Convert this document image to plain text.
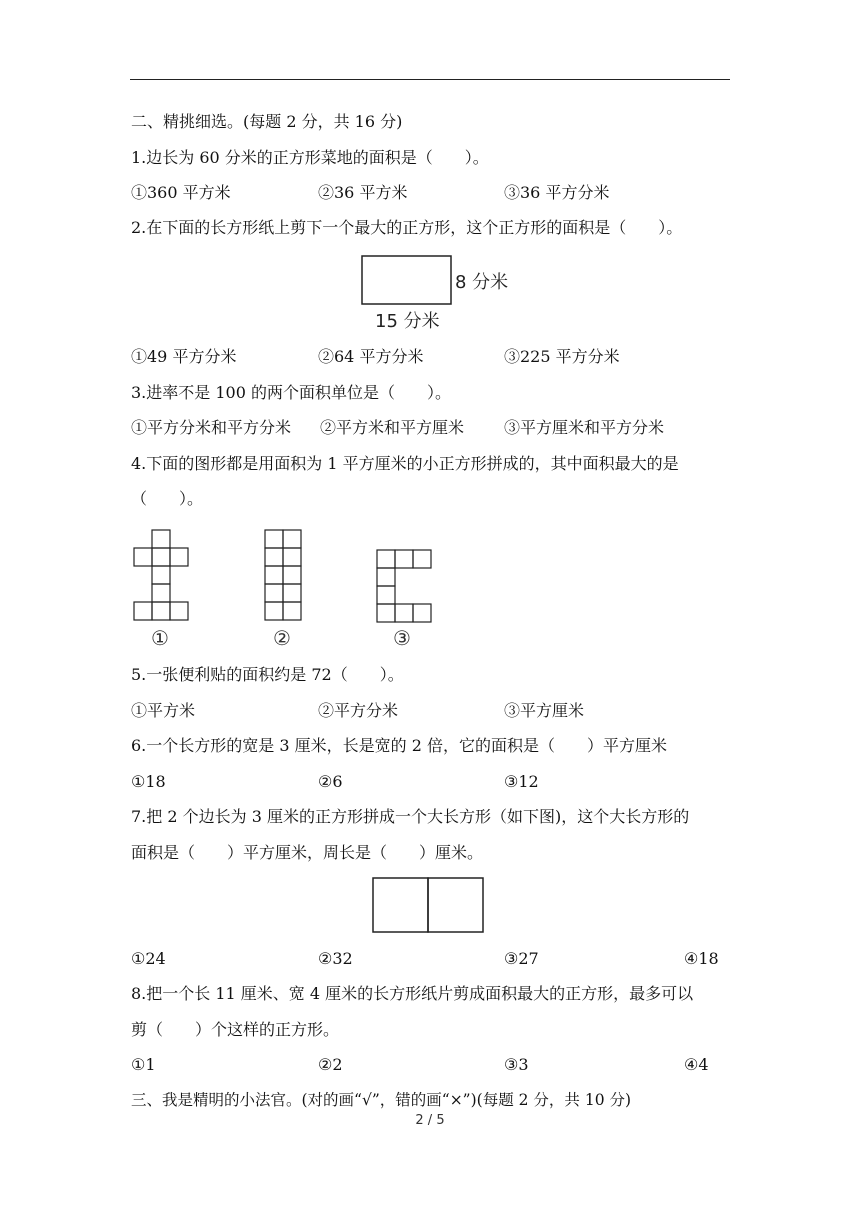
二、精挑细选。(每题 2 分，共 16 分)
1.边长为 60 分米的正方形菜地的面积是（　　）。
①360 平方米	②36 平方米	③36 平方分米
2.在下面的长方形纸上剪下一个最大的正方形，这个正方形的面积是（　　）。
8 分米
15 分米
①49 平方分米	②64 平方分米	③225 平方分米
3.进率不是 100 的两个面积单位是（　　）。
①平方分米和平方分米 ②平方米和平方厘米 ③平方厘米和平方分米
4.下面的图形都是用面积为 1 平方厘米的小正方形拼成的，其中面积最大的是
（　　）。
①	②	③
5.一张便利贴的面积约是 72（　　）。
①平方米	②平方分米	③平方厘米
6.一个长方形的宽是 3 厘米，长是宽的 2 倍，它的面积是（　　）平方厘米
①18	②6	③12
7.把 2 个边长为 3 厘米的正方形拼成一个大长方形（如下图)，这个大长方形的
面积是（　　）平方厘米，周长是（　　）厘米。
①24	②32	③27	④18
8.把一个长 11 厘米、宽 4 厘米的长方形纸片剪成面积最大的正方形，最多可以
剪（　　）个这样的正方形。
①1	②2	③3	④4
三、我是精明的小法官。(对的画“√”，错的画“×”)(每题 2 分，共 10 分)
2 / 5
